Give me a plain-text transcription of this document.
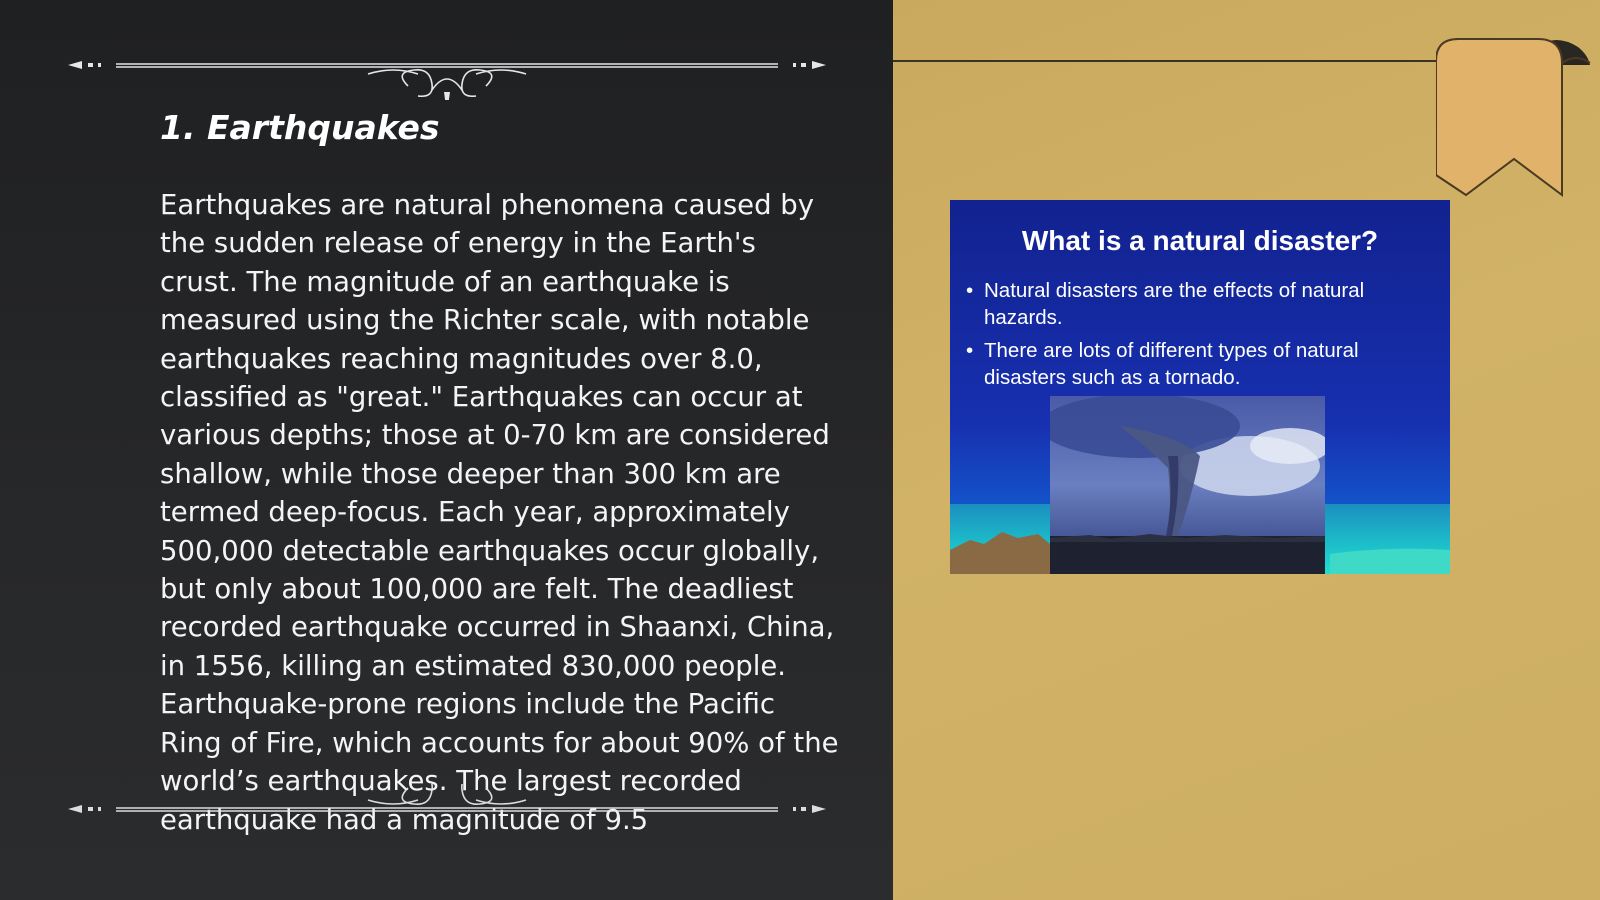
1. Earthquakes

Earthquakes are natural phenomena caused by the sudden release of energy in the Earth's crust. The magnitude of an earthquake is measured using the Richter scale, with notable earthquakes reaching magnitudes over 8.0, classified as "great." Earthquakes can occur at various depths; those at 0-70 km are considered shallow, while those deeper than 300 km are termed deep-focus. Each year, approximately 500,000 detectable earthquakes occur globally, but only about 100,000 are felt. The deadliest recorded earthquake occurred in Shaanxi, China, in 1556, killing an estimated 830,000 people. Earthquake-prone regions include the Pacific Ring of Fire, which accounts for about 90% of the world’s earthquakes. The largest recorded earthquake had a magnitude of 9.5

What is a natural disaster?
• Natural disasters are the effects of natural hazards.
• There are lots of different types of natural disasters such as a tornado.
